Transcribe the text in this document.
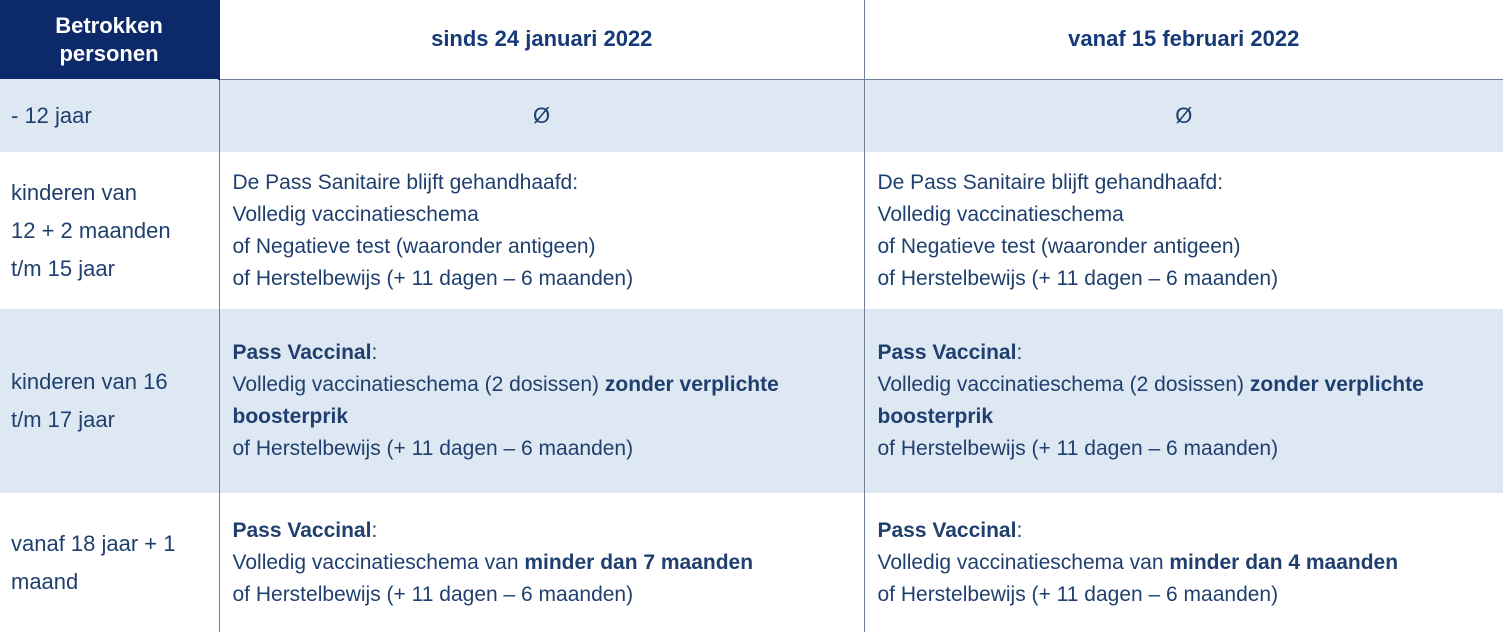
Betrokken
personen	sinds 24 januari 2022	vanaf 15 februari 2022

- 12 jaar	Ø	Ø

kinderen van
12 + 2 maanden
t/m 15 jaar	De Pass Sanitaire blijft gehandhaafd:
Volledig vaccinatieschema
of Negatieve test (waaronder antigeen)
of Herstelbewijs (+ 11 dagen – 6 maanden)	De Pass Sanitaire blijft gehandhaafd:
Volledig vaccinatieschema
of Negatieve test (waaronder antigeen)
of Herstelbewijs (+ 11 dagen – 6 maanden)

kinderen van 16
t/m 17 jaar	Pass Vaccinal:
Volledig vaccinatieschema (2 dosissen) zonder verplichte
boosterprik
of Herstelbewijs (+ 11 dagen – 6 maanden)	Pass Vaccinal:
Volledig vaccinatieschema (2 dosissen) zonder verplichte
boosterprik
of Herstelbewijs (+ 11 dagen – 6 maanden)

vanaf 18 jaar + 1
maand	Pass Vaccinal:
Volledig vaccinatieschema van minder dan 7 maanden
of Herstelbewijs (+ 11 dagen – 6 maanden)	Pass Vaccinal:
Volledig vaccinatieschema van minder dan 4 maanden
of Herstelbewijs (+ 11 dagen – 6 maanden)
